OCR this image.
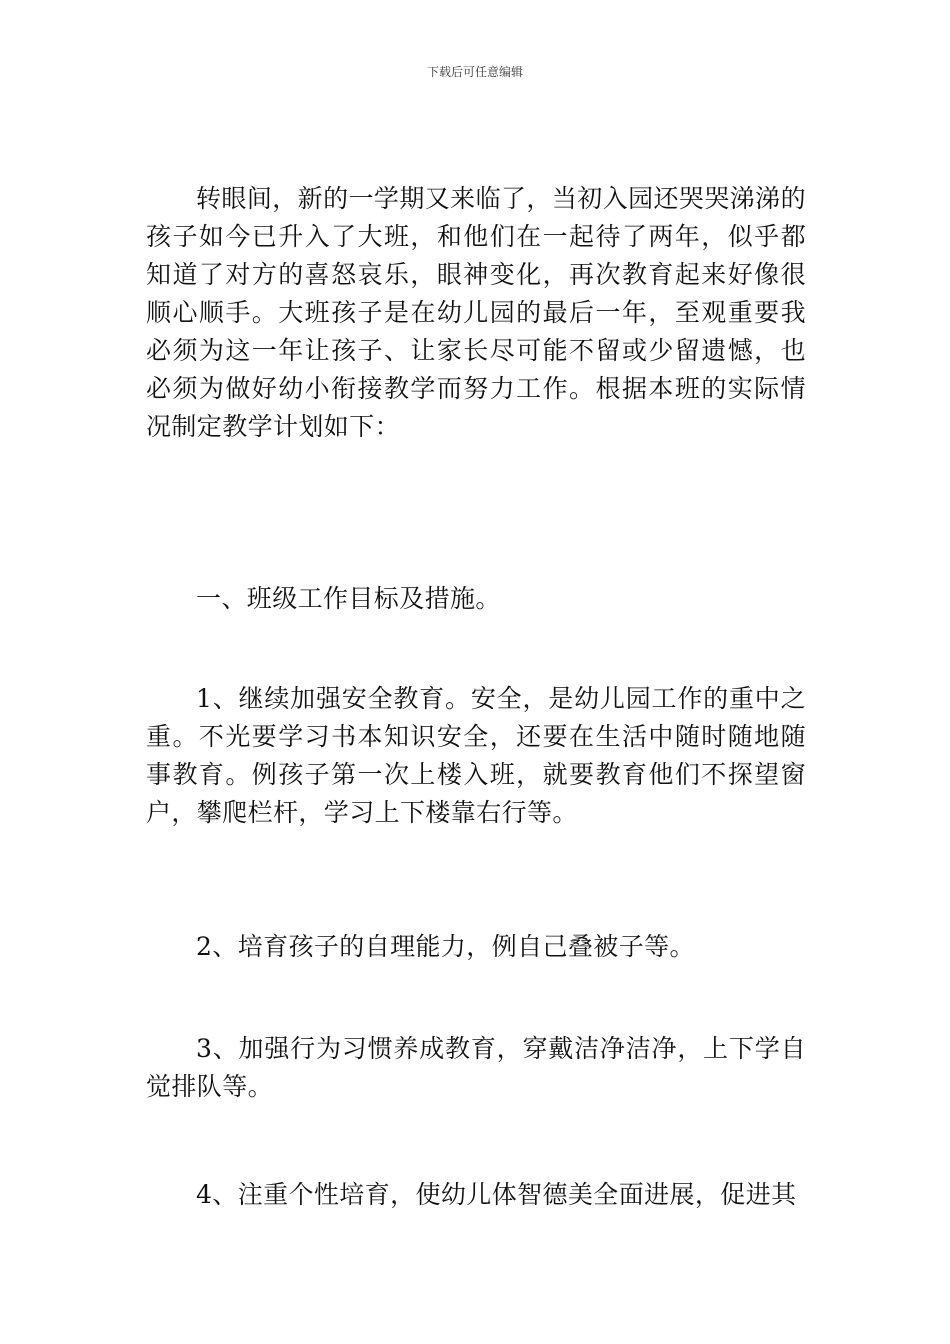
下载后可任意编辑

转眼间，新的一学期又来临了，当初入园还哭哭涕涕的孩子如今已升入了大班，和他们在一起待了两年，似乎都知道了对方的喜怒哀乐，眼神变化，再次教育起来好像很顺心顺手。大班孩子是在幼儿园的最后一年，至观重要我必须为这一年让孩子、让家长尽可能不留或少留遗憾，也必须为做好幼小衔接教学而努力工作。根据本班的实际情况制定教学计划如下：

一、班级工作目标及措施。

1、继续加强安全教育。安全，是幼儿园工作的重中之重。不光要学习书本知识安全，还要在生活中随时随地随事教育。例孩子第一次上楼入班，就要教育他们不探望窗户，攀爬栏杆，学习上下楼靠右行等。

2、培育孩子的自理能力，例自己叠被子等。

3、加强行为习惯养成教育，穿戴洁净洁净，上下学自觉排队等。

4、注重个性培育，使幼儿体智德美全面进展，促进其
